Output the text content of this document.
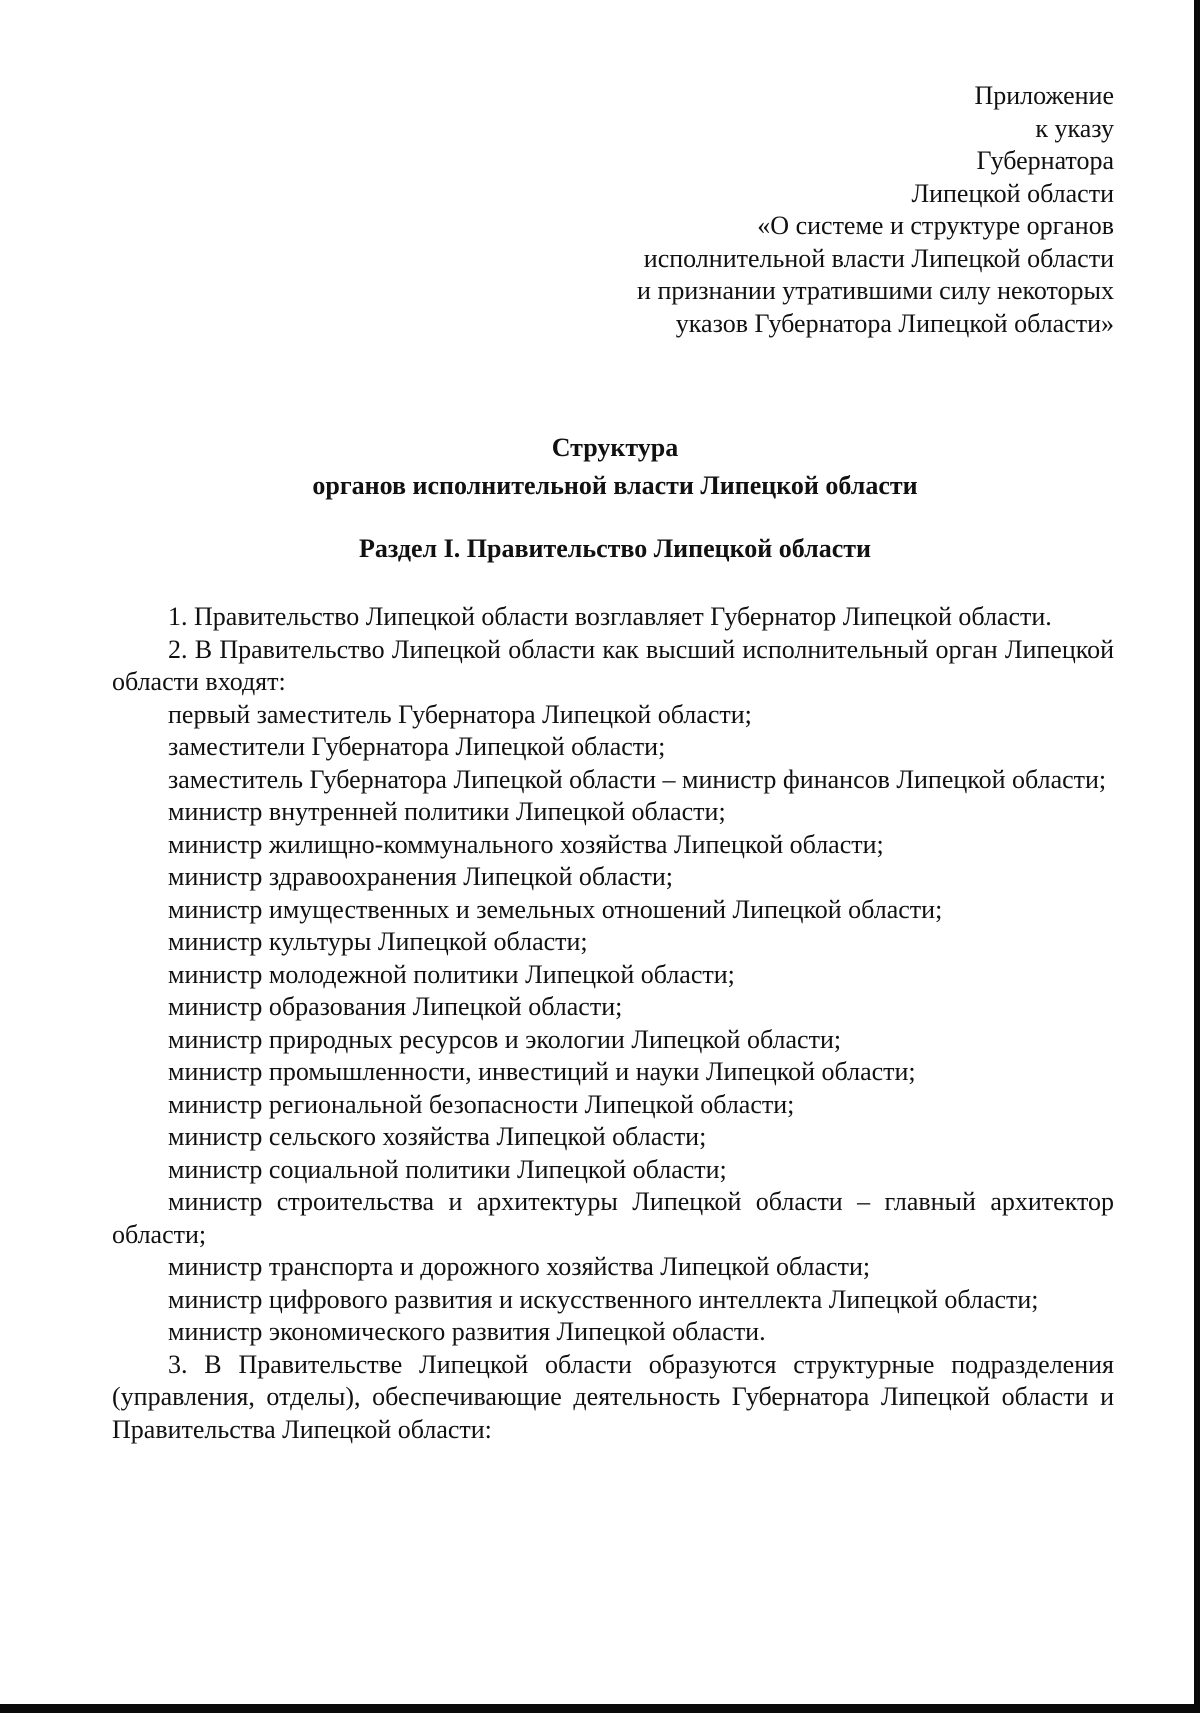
Приложение
к указу
Губернатора
Липецкой области
«О системе и структуре органов
исполнительной власти Липецкой области
и признании утратившими силу некоторых
указов Губернатора Липецкой области»
Структура
органов исполнительной власти Липецкой области
Раздел I. Правительство Липецкой области
1. Правительство Липецкой области возглавляет Губернатор Липецкой области.
2. В Правительство Липецкой области как высший исполнительный орган Липецкой области входят:
первый заместитель Губернатора Липецкой области;
заместители Губернатора Липецкой области;
заместитель Губернатора Липецкой области – министр финансов Липецкой области;
министр внутренней политики Липецкой области;
министр жилищно-коммунального хозяйства Липецкой области;
министр здравоохранения Липецкой области;
министр имущественных и земельных отношений Липецкой области;
министр культуры Липецкой области;
министр молодежной политики Липецкой области;
министр образования Липецкой области;
министр природных ресурсов и экологии Липецкой области;
министр промышленности, инвестиций и науки Липецкой области;
министр региональной безопасности Липецкой области;
министр сельского хозяйства Липецкой области;
министр социальной политики Липецкой области;
министр строительства и архитектуры Липецкой области – главный архитектор области;
министр транспорта и дорожного хозяйства Липецкой области;
министр цифрового развития и искусственного интеллекта Липецкой области;
министр экономического развития Липецкой области.
3. В Правительстве Липецкой области образуются структурные подразделения (управления, отделы), обеспечивающие деятельность Губернатора Липецкой области и Правительства Липецкой области:
